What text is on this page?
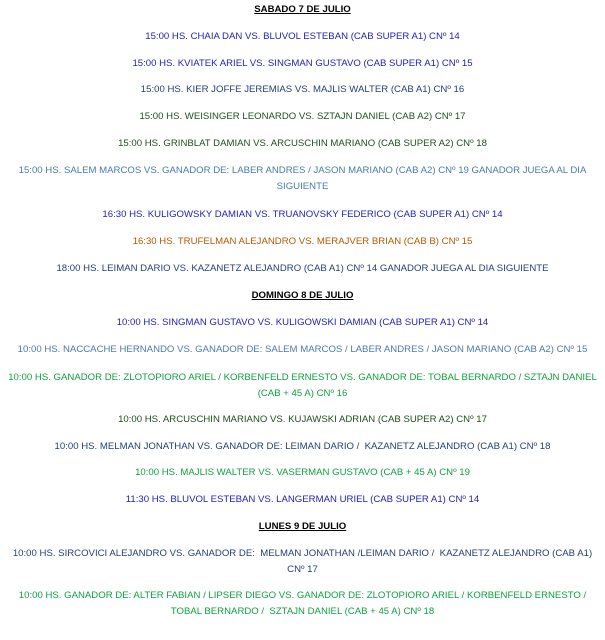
SABADO 7 DE JULIO
15:00 HS. CHAIA DAN VS. BLUVOL ESTEBAN (CAB SUPER A1) CNº 14
15:00 HS. KVIATEK ARIEL VS. SINGMAN GUSTAVO (CAB SUPER A1) CNº 15
15:00 HS. KIER JOFFE JEREMIAS VS. MAJLIS WALTER (CAB A1) CNº 16
15:00 HS. WEISINGER LEONARDO VS. SZTAJN DANIEL (CAB A2) CNº 17
15:00 HS. GRINBLAT DAMIAN VS. ARCUSCHIN MARIANO (CAB SUPER A2) CNº 18
15:00 HS. SALEM MARCOS VS. GANADOR DE: LABER ANDRES / JASON MARIANO (CAB A2) CNº 19 GANADOR JUEGA AL DIA SIGUIENTE
16:30 HS. KULIGOWSKY DAMIAN VS. TRUANOVSKY FEDERICO (CAB SUPER A1) CNº 14
16:30 HS. TRUFELMAN ALEJANDRO VS. MERAJVER BRIAN (CAB B) CNº 15
18:00 HS. LEIMAN DARIO VS. KAZANETZ ALEJANDRO (CAB A1) CNº 14 GANADOR JUEGA AL DIA SIGUIENTE
DOMINGO 8 DE JULIO
10:00 HS. SINGMAN GUSTAVO VS. KULIGOWSKI DAMIAN (CAB SUPER A1) CNº 14
10:00 HS. NACCACHE HERNANDO VS. GANADOR DE: SALEM MARCOS / LABER ANDRES / JASON MARIANO (CAB A2) CNº 15
10:00 HS. GANADOR DE: ZLOTOPIORO ARIEL / KORBENFELD ERNESTO VS. GANADOR DE: TOBAL BERNARDO / SZTAJN DANIEL (CAB + 45 A) CNº 16
10:00 HS. ARCUSCHIN MARIANO VS. KUJAWSKI ADRIAN (CAB SUPER A2) CNº 17
10:00 HS. MELMAN JONATHAN VS. GANADOR DE: LEIMAN DARIO /  KAZANETZ ALEJANDRO (CAB A1) CNº 18
10:00 HS. MAJLIS WALTER VS. VASERMAN GUSTAVO (CAB + 45 A) CNº 19
11:30 HS. BLUVOL ESTEBAN VS. LANGERMAN URIEL (CAB SUPER A1) CNº 14
LUNES 9 DE JULIO
10:00 HS. SIRCOVICI ALEJANDRO VS. GANADOR DE:  MELMAN JONATHAN /LEIMAN DARIO /  KAZANETZ ALEJANDRO (CAB A1) CNº 17
10:00 HS. GANADOR DE: ALTER FABIAN / LIPSER DIEGO VS. GANADOR DE: ZLOTOPIORO ARIEL / KORBENFELD ERNESTO / TOBAL BERNARDO /  SZTAJN DANIEL (CAB + 45 A) CNº 18
